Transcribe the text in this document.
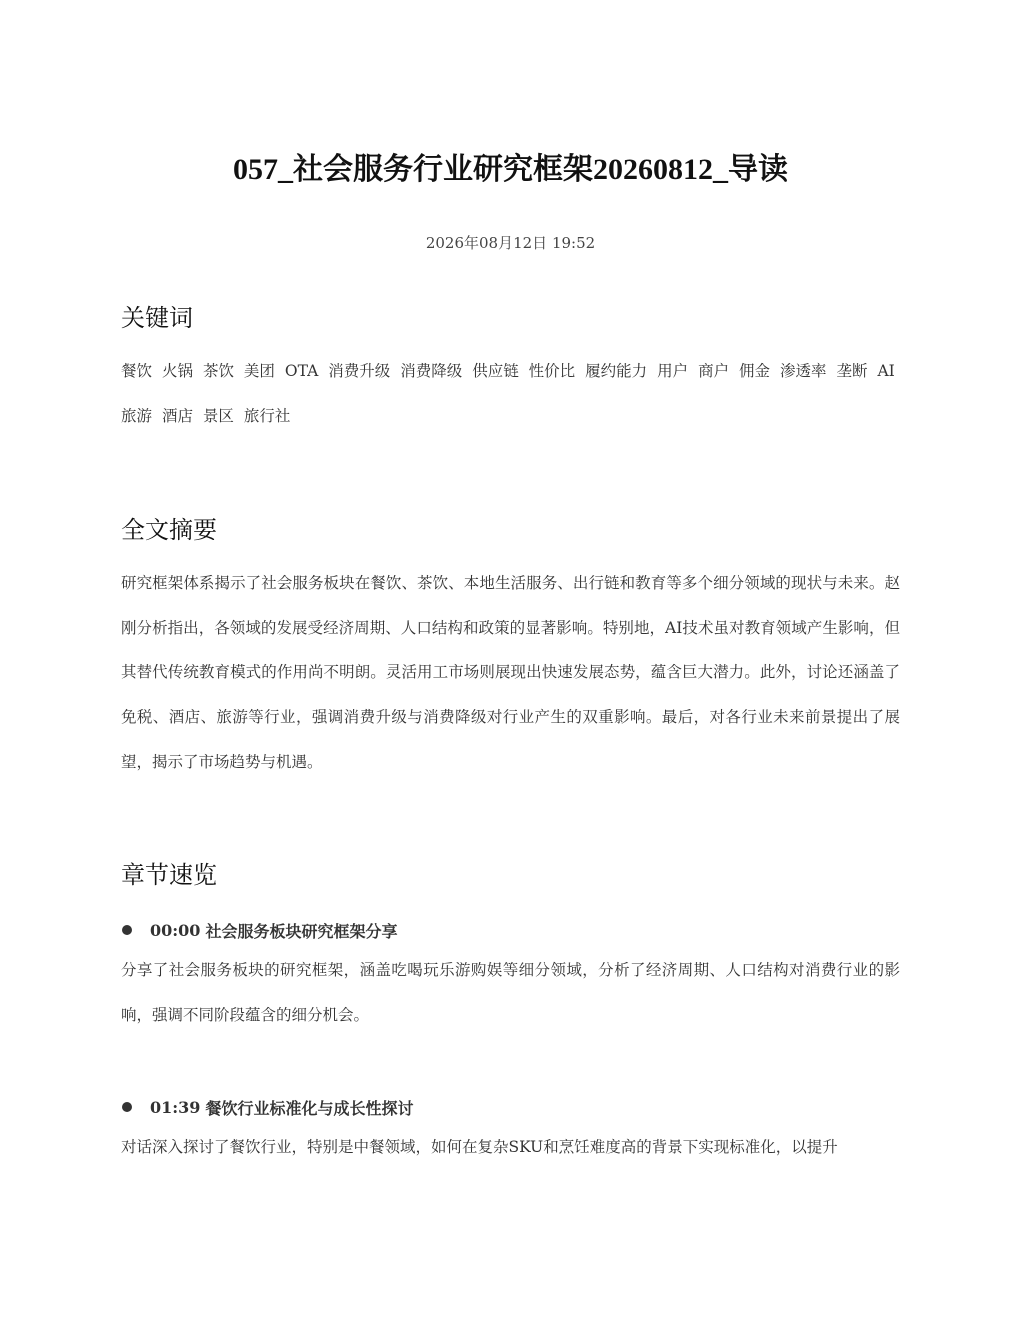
057_社会服务行业研究框架20260812_导读
2026年08月12日 19:52
关键词

餐饮 火锅 茶饮 美团 OTA 消费升级 消费降级 供应链 性价比 履约能力 用户 商户 佣金 渗透率 垄断 AI 旅游 酒店 景区 旅行社

全文摘要

研究框架体系揭示了社会服务板块在餐饮、茶饮、本地生活服务、出行链和教育等多个细分领域的现状与未来。赵刚分析指出，各领域的发展受经济周期、人口结构和政策的显著影响。特别地，AI技术虽对教育领域产生影响，但其替代传统教育模式的作用尚不明朗。灵活用工市场则展现出快速发展态势，蕴含巨大潜力。此外，讨论还涵盖了免税、酒店、旅游等行业，强调消费升级与消费降级对行业产生的双重影响。最后，对各行业未来前景提出了展望，揭示了市场趋势与机遇。

章节速览
00:00 社会服务板块研究框架分享

分享了社会服务板块的研究框架，涵盖吃喝玩乐游购娱等细分领域，分析了经济周期、人口结构对消费行业的影响，强调不同阶段蕴含的细分机会。

01:39 餐饮行业标准化与成长性探讨

对话深入探讨了餐饮行业，特别是中餐领域，如何在复杂SKU和烹饪难度高的背景下实现标准化，以提升
